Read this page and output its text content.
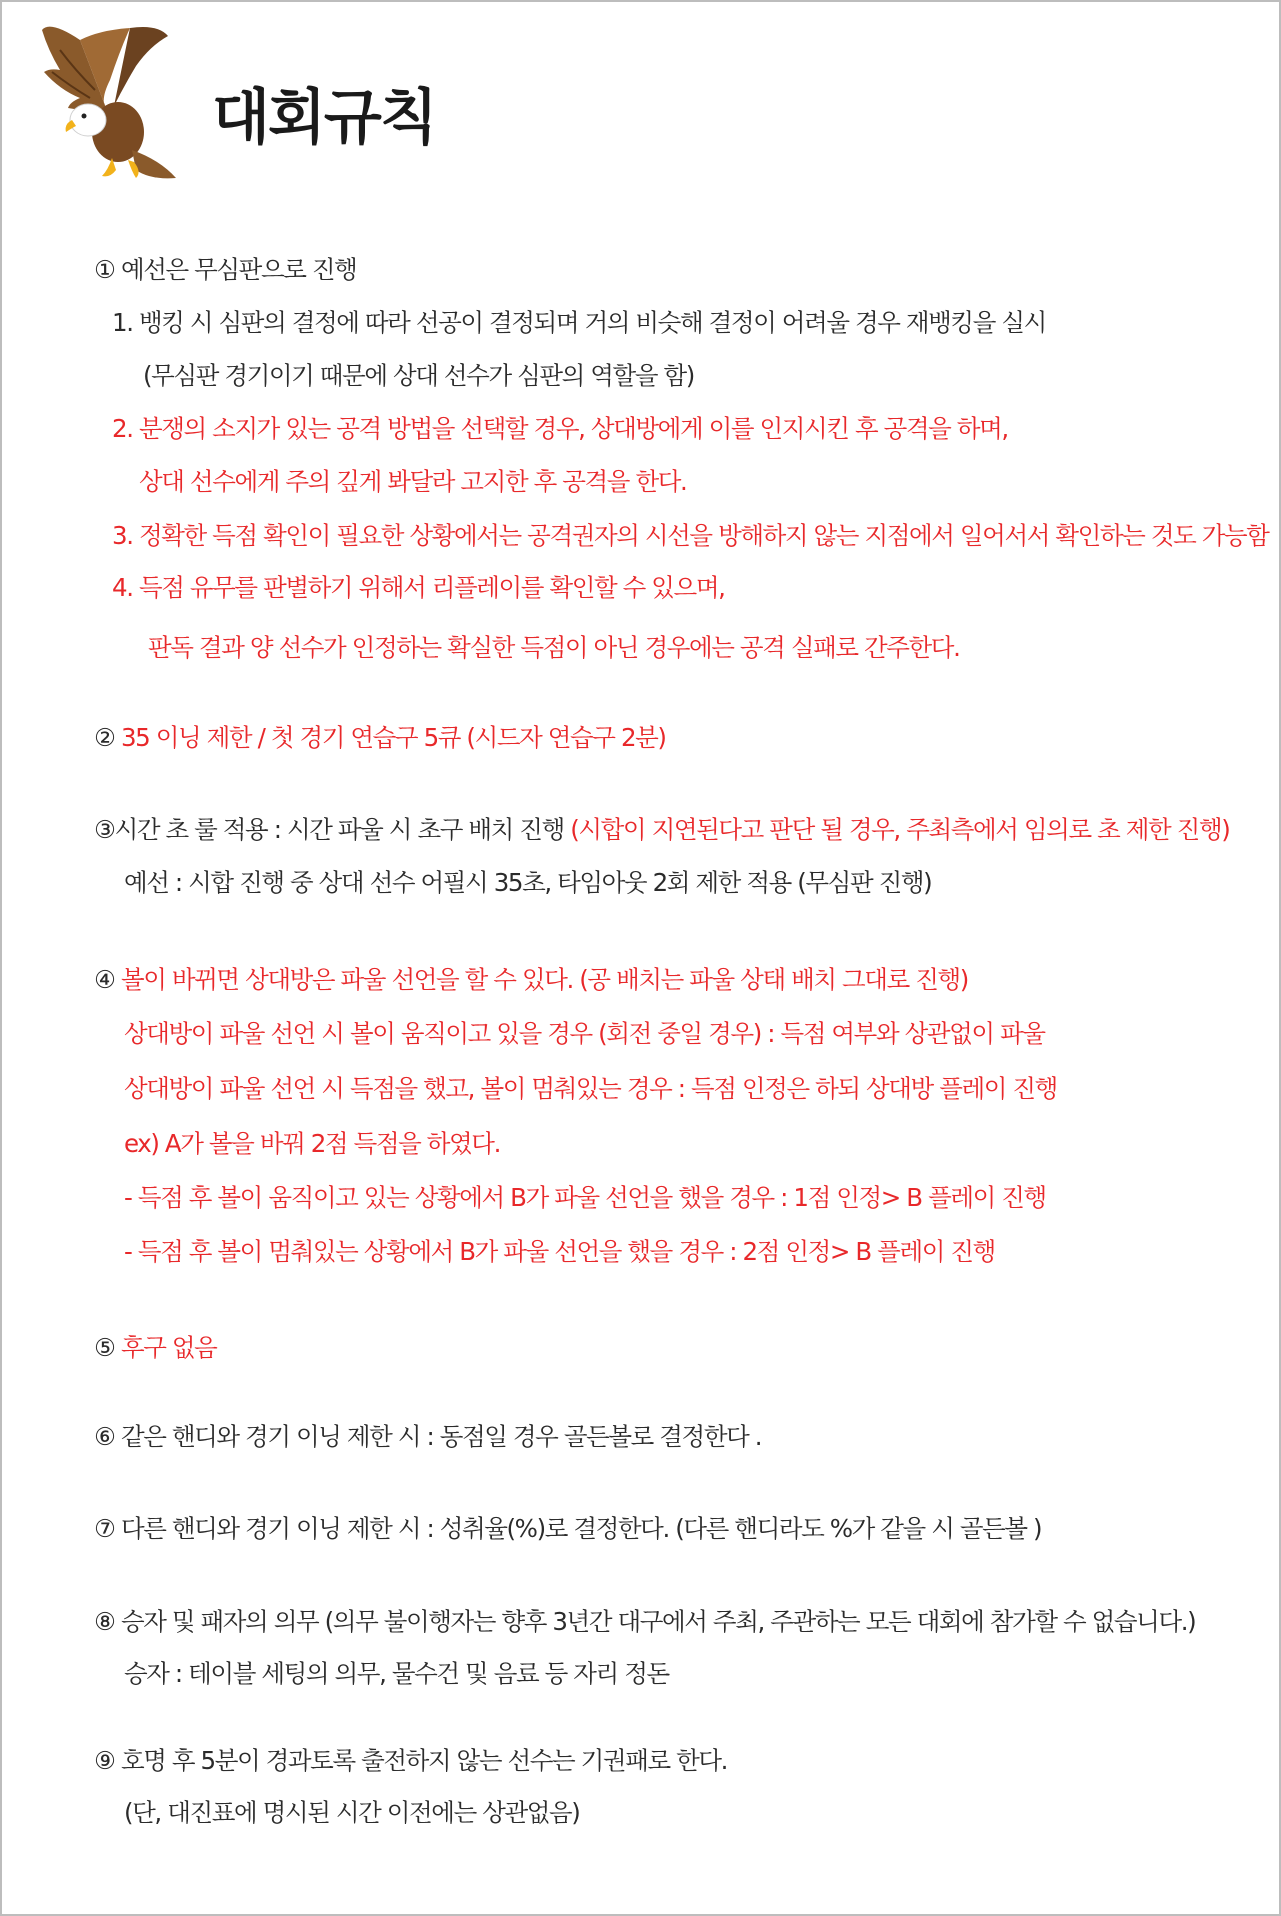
대회규칙
① 예선은 무심판으로 진행
1. 뱅킹 시 심판의 결정에 따라 선공이 결정되며 거의 비슷해 결정이 어려울 경우 재뱅킹을 실시
(무심판 경기이기 때문에 상대 선수가 심판의 역할을 함)
2. 분쟁의 소지가 있는 공격 방법을 선택할 경우, 상대방에게 이를 인지시킨 후 공격을 하며,
상대 선수에게 주의 깊게 봐달라 고지한 후 공격을 한다.
3. 정확한 득점 확인이 필요한 상황에서는 공격권자의 시선을 방해하지 않는 지점에서 일어서서 확인하는 것도 가능함
4. 득점 유무를 판별하기 위해서 리플레이를 확인할 수 있으며,
판독 결과 양 선수가 인정하는 확실한 득점이 아닌 경우에는 공격 실패로 간주한다.
② 35 이닝 제한 / 첫 경기 연습구 5큐 (시드자 연습구 2분)
③시간 초 룰 적용 : 시간 파울 시 초구 배치 진행 (시합이 지연된다고 판단 될 경우, 주최측에서 임의로 초 제한 진행)
예선 : 시합 진행 중 상대 선수 어필시 35초, 타임아웃 2회 제한 적용 (무심판 진행)
④ 볼이 바뀌면 상대방은 파울 선언을 할 수 있다. (공 배치는 파울 상태 배치 그대로 진행)
상대방이 파울 선언 시 볼이 움직이고 있을 경우 (회전 중일 경우) : 득점 여부와 상관없이 파울
상대방이 파울 선언 시 득점을 했고, 볼이 멈춰있는 경우 : 득점 인정은 하되 상대방 플레이 진행
ex) A가 볼을 바꿔 2점 득점을 하였다.
- 득점 후 볼이 움직이고 있는 상황에서 B가 파울 선언을 했을 경우 : 1점 인정> B 플레이 진행
- 득점 후 볼이 멈춰있는 상황에서 B가 파울 선언을 했을 경우 : 2점 인정> B 플레이 진행
⑤ 후구 없음
⑥ 같은 핸디와 경기 이닝 제한 시 : 동점일 경우 골든볼로 결정한다 .
⑦ 다른 핸디와 경기 이닝 제한 시 : 성취율(%)로 결정한다. (다른 핸디라도 %가 같을 시 골든볼 )
⑧ 승자 및 패자의 의무 (의무 불이행자는 향후 3년간 대구에서 주최, 주관하는 모든 대회에 참가할 수 없습니다.)
승자 : 테이블 세팅의 의무, 물수건 및 음료 등 자리 정돈
⑨ 호명 후 5분이 경과토록 출전하지 않는 선수는 기권패로 한다.
(단, 대진표에 명시된 시간 이전에는 상관없음)
